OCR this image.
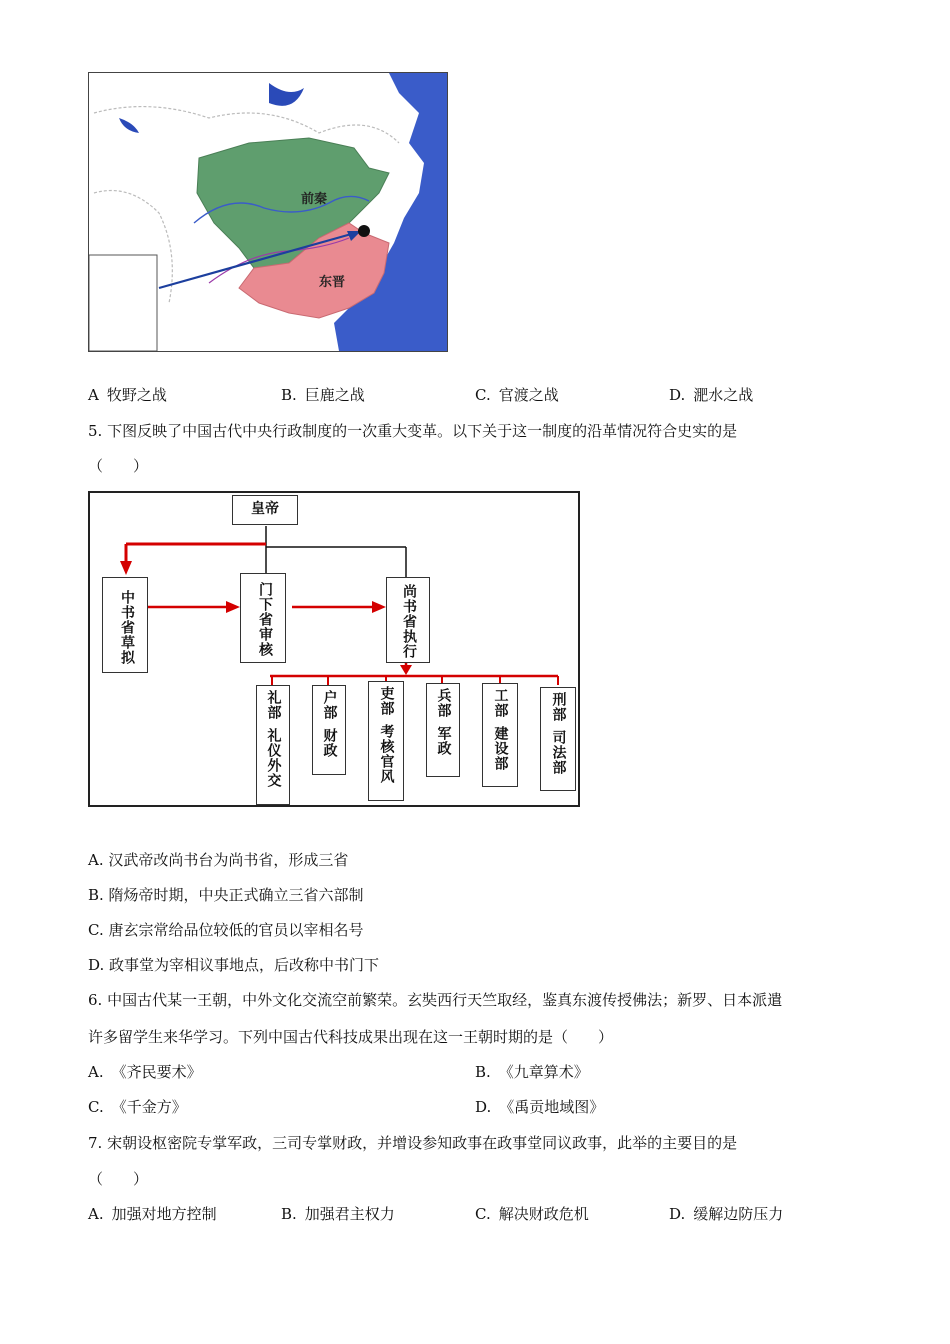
前秦
东晋
A 牧野之战	B. 巨鹿之战	C. 官渡之战	D. 淝水之战
5. 下图反映了中国古代中央行政制度的一次重大变革。以下关于这一制度的沿革情况符合史实的是
（　　）
皇帝
中书省草拟	门下省审核	尚书省执行
礼部
礼仪外交
户部
财政
吏部
考核官风
兵部
军政
工部
建设部
刑部
司法部
A. 汉武帝改尚书台为尚书省，形成三省
B. 隋炀帝时期，中央正式确立三省六部制
C. 唐玄宗常给品位较低的官员以宰相名号
D. 政事堂为宰相议事地点，后改称中书门下
6. 中国古代某一王朝，中外文化交流空前繁荣。玄奘西行天竺取经，鉴真东渡传授佛法；新罗、日本派遣
许多留学生来华学习。下列中国古代科技成果出现在这一王朝时期的是（　　）
A. 《齐民要术》	B. 《九章算术》
C. 《千金方》	D. 《禹贡地域图》
7. 宋朝设枢密院专掌军政，三司专掌财政，并增设参知政事在政事堂同议政事，此举的主要目的是
（　　）
A. 加强对地方控制	B. 加强君主权力	C. 解决财政危机	D. 缓解边防压力
